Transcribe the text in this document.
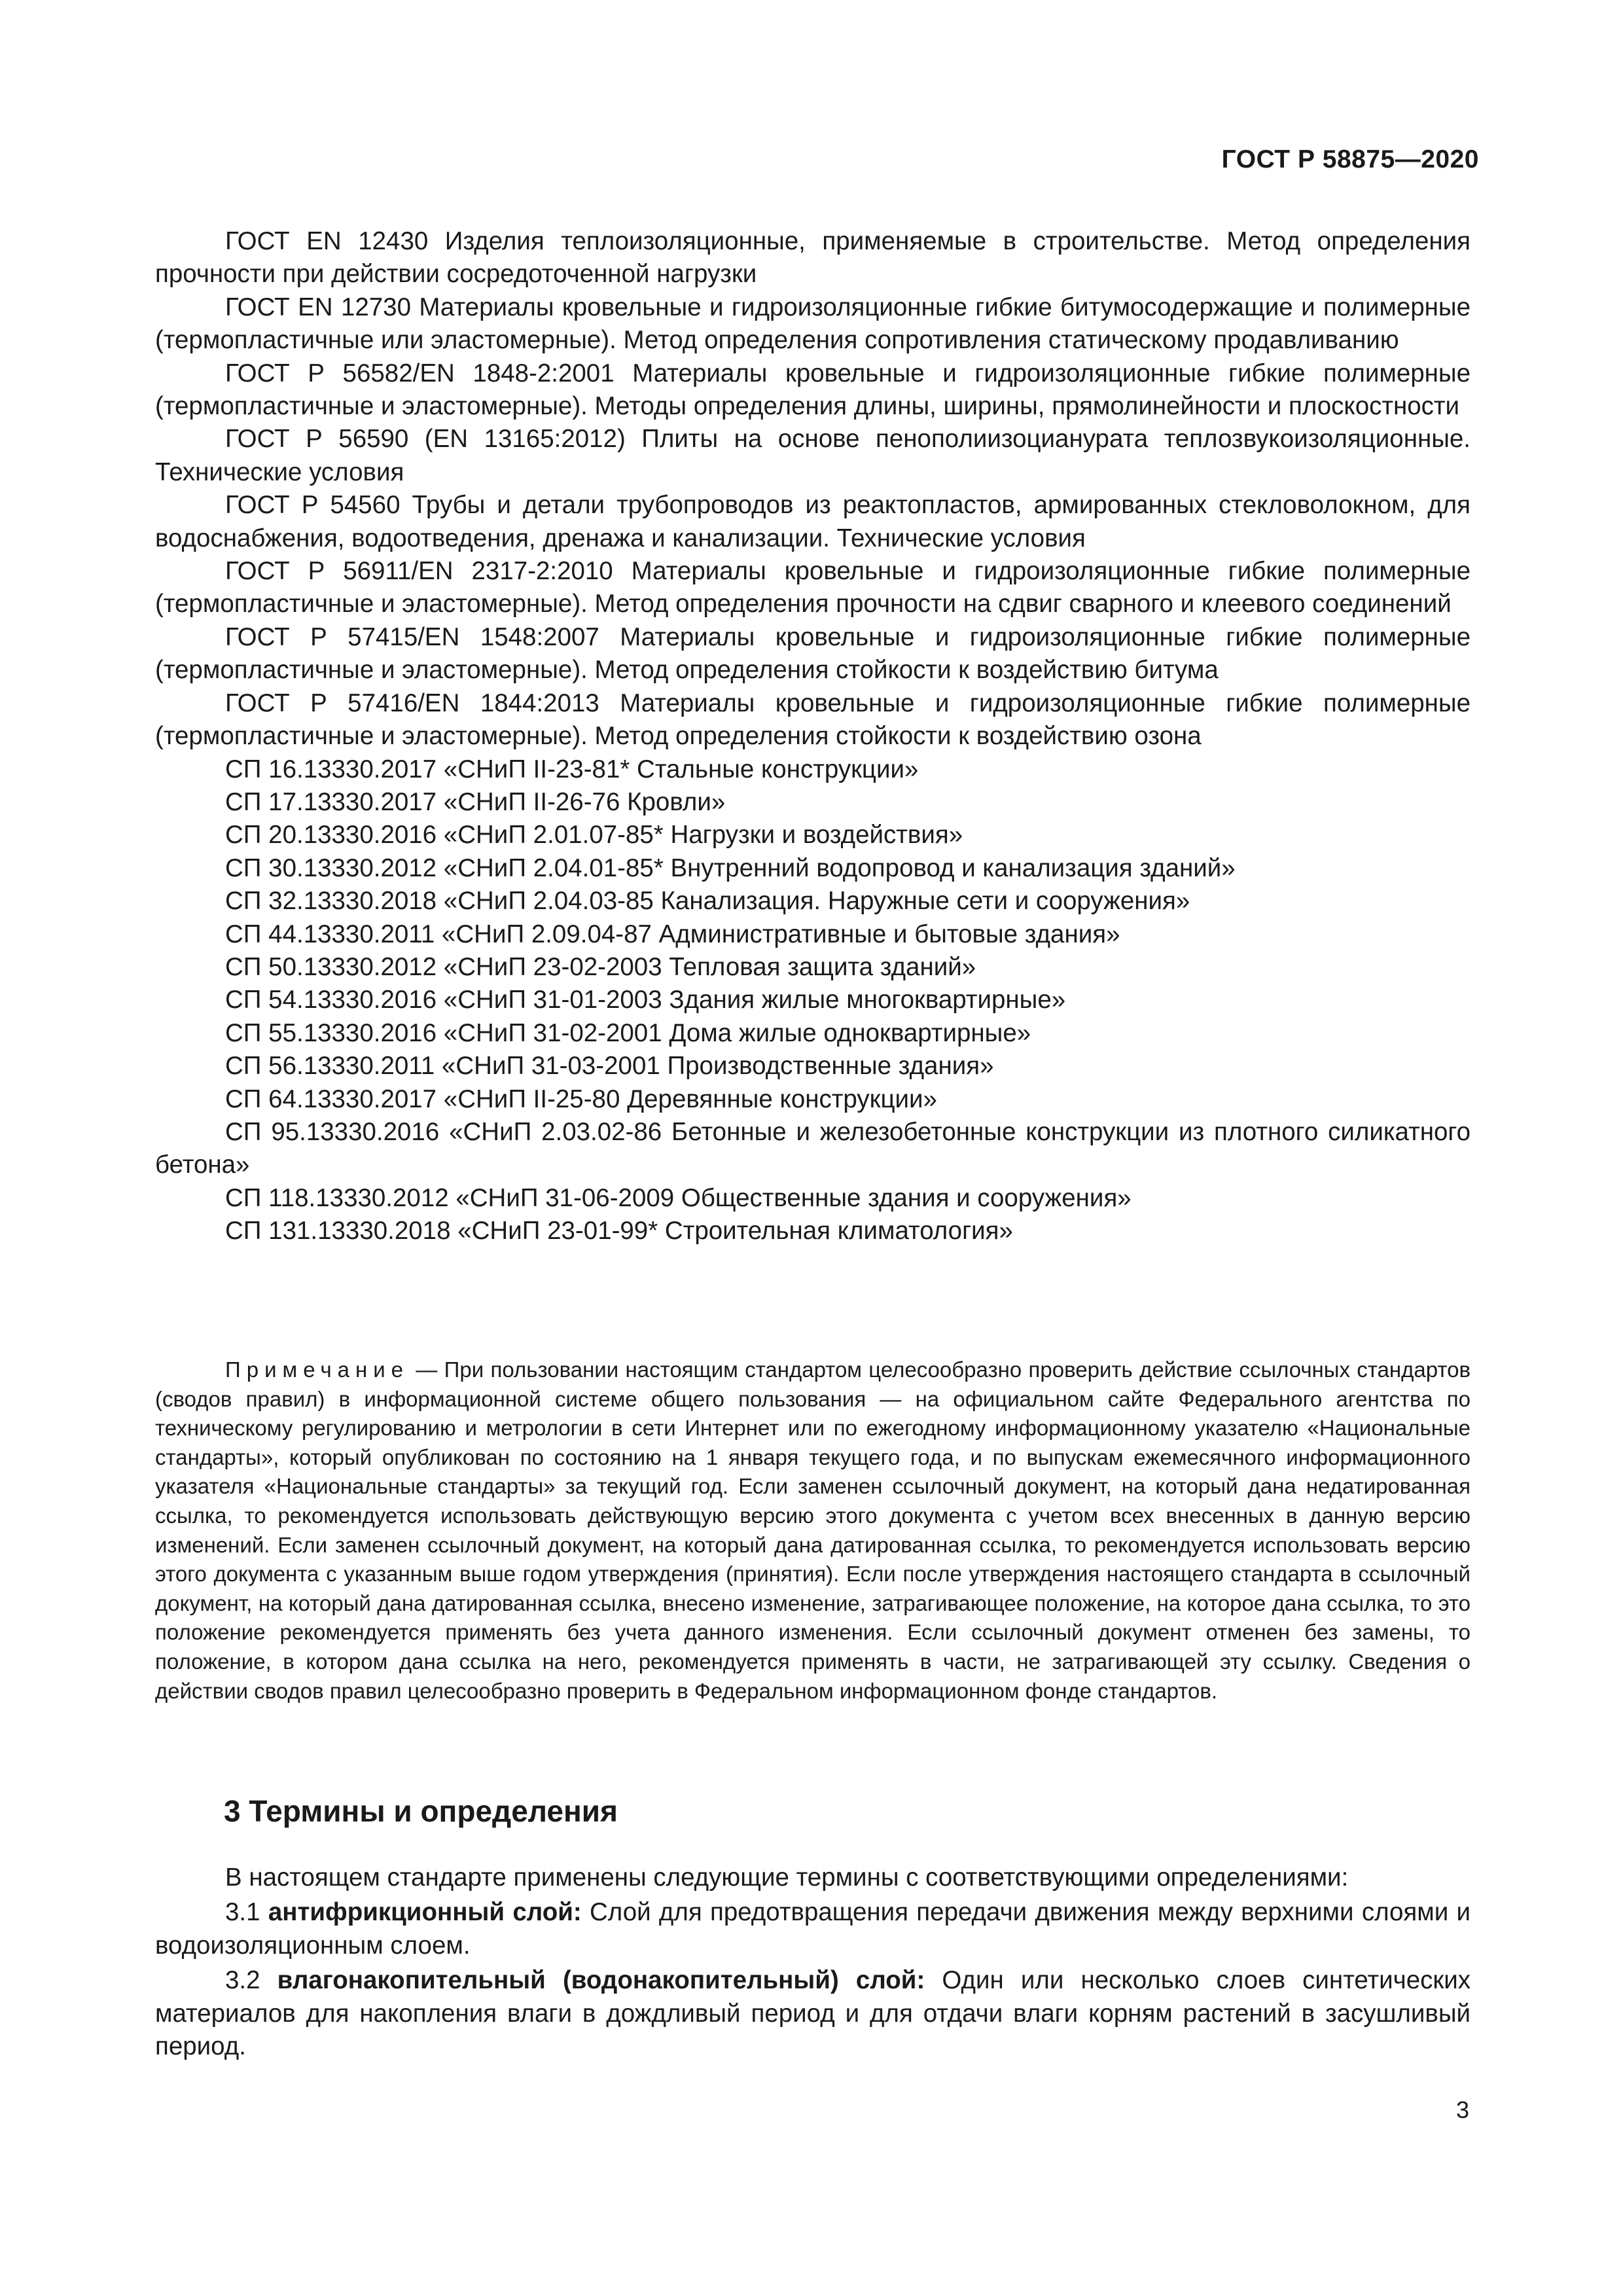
ГОСТ Р 58875—2020

ГОСТ EN 12430 Изделия теплоизоляционные, применяемые в строительстве. Метод определения прочности при действии сосредоточенной нагрузки

ГОСТ EN 12730 Материалы кровельные и гидроизоляционные гибкие битумосодержащие и полимерные (термопластичные или эластомерные). Метод определения сопротивления статическому продавливанию

ГОСТ Р 56582/EN 1848-2:2001 Материалы кровельные и гидроизоляционные гибкие полимерные (термопластичные и эластомерные). Методы определения длины, ширины, прямолинейности и плоскостности

ГОСТ Р 56590 (EN 13165:2012) Плиты на основе пенополиизоцианурата теплозвукоизоляционные. Технические условия

ГОСТ Р 54560 Трубы и детали трубопроводов из реактопластов, армированных стекловолокном, для водоснабжения, водоотведения, дренажа и канализации. Технические условия

ГОСТ Р 56911/EN 2317-2:2010 Материалы кровельные и гидроизоляционные гибкие полимерные (термопластичные и эластомерные). Метод определения прочности на сдвиг сварного и клеевого соединений

ГОСТ Р 57415/EN 1548:2007 Материалы кровельные и гидроизоляционные гибкие полимерные (термопластичные и эластомерные). Метод определения стойкости к воздействию битума

ГОСТ Р 57416/EN 1844:2013 Материалы кровельные и гидроизоляционные гибкие полимерные (термопластичные и эластомерные). Метод определения стойкости к воздействию озона

СП 16.13330.2017 «СНиП II-23-81* Стальные конструкции»

СП 17.13330.2017 «СНиП II-26-76 Кровли»

СП 20.13330.2016 «СНиП 2.01.07-85* Нагрузки и воздействия»

СП 30.13330.2012 «СНиП 2.04.01-85* Внутренний водопровод и канализация зданий»

СП 32.13330.2018 «СНиП 2.04.03-85 Канализация. Наружные сети и сооружения»

СП 44.13330.2011 «СНиП 2.09.04-87 Административные и бытовые здания»

СП 50.13330.2012 «СНиП 23-02-2003 Тепловая защита зданий»

СП 54.13330.2016 «СНиП 31-01-2003 Здания жилые многоквартирные»

СП 55.13330.2016 «СНиП 31-02-2001 Дома жилые одноквартирные»

СП 56.13330.2011 «СНиП 31-03-2001 Производственные здания»

СП 64.13330.2017 «СНиП II-25-80 Деревянные конструкции»

СП 95.13330.2016 «СНиП 2.03.02-86 Бетонные и железобетонные конструкции из плотного силикатного бетона»

СП 118.13330.2012 «СНиП 31-06-2009 Общественные здания и сооружения»

СП 131.13330.2018 «СНиП 23-01-99* Строительная климатология»

Примечание — При пользовании настоящим стандартом целесообразно проверить действие ссылочных стандартов (сводов правил) в информационной системе общего пользования — на официальном сайте Федерального агентства по техническому регулированию и метрологии в сети Интернет или по ежегодному информационному указателю «Национальные стандарты», который опубликован по состоянию на 1 января текущего года, и по выпускам ежемесячного информационного указателя «Национальные стандарты» за текущий год. Если заменен ссылочный документ, на который дана недатированная ссылка, то рекомендуется использовать действующую версию этого документа с учетом всех внесенных в данную версию изменений. Если заменен ссылочный документ, на который дана датированная ссылка, то рекомендуется использовать версию этого документа с указанным выше годом утверждения (принятия). Если после утверждения настоящего стандарта в ссылочный документ, на который дана датированная ссылка, внесено изменение, затрагивающее положение, на которое дана ссылка, то это положение рекомендуется применять без учета данного изменения. Если ссылочный документ отменен без замены, то положение, в котором дана ссылка на него, рекомендуется применять в части, не затрагивающей эту ссылку. Сведения о действии сводов правил целесообразно проверить в Федеральном информационном фонде стандартов.

3 Термины и определения

В настоящем стандарте применены следующие термины с соответствующими определениями:

3.1 антифрикционный слой: Слой для предотвращения передачи движения между верхними слоями и водоизоляционным слоем.

3.2 влагонакопительный (водонакопительный) слой: Один или несколько слоев синтетических материалов для накопления влаги в дождливый период и для отдачи влаги корням растений в засушливый период.

3
